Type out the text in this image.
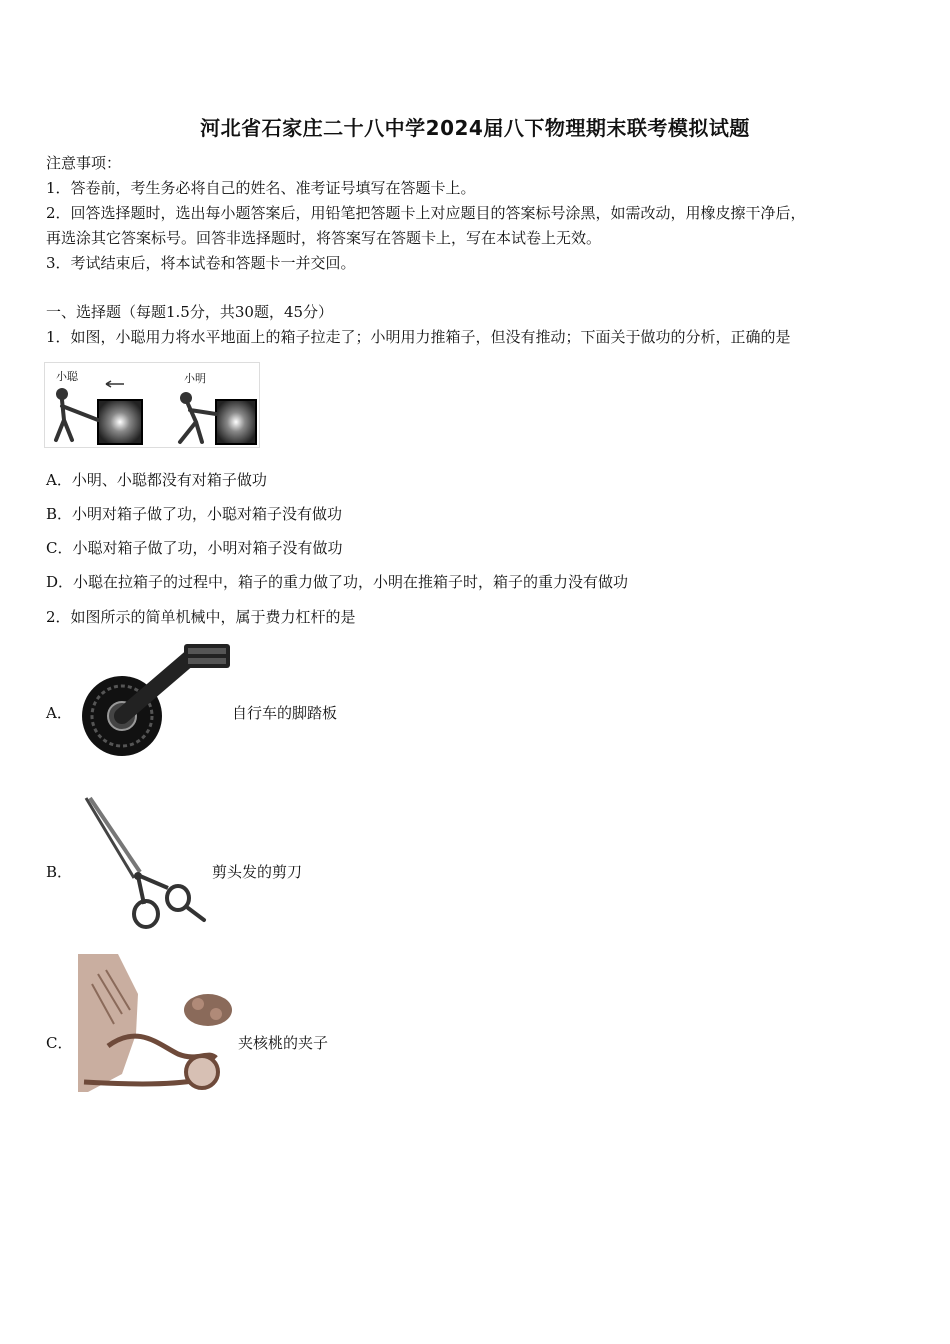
河北省石家庄二十八中学2024届八下物理期末联考模拟试题
注意事项：
1．答卷前，考生务必将自己的姓名、准考证号填写在答题卡上。
2．回答选择题时，选出每小题答案后，用铅笔把答题卡上对应题目的答案标号涂黑，如需改动，用橡皮擦干净后，
再选涂其它答案标号。回答非选择题时，将答案写在答题卡上，写在本试卷上无效。
3．考试结束后，将本试卷和答题卡一并交回。
一、选择题（每题1.5分，共30题，45分）
1．如图，小聪用力将水平地面上的箱子拉走了；小明用力推箱子，但没有推动；下面关于做功的分析，正确的是
小聪	小明
A．小明、小聪都没有对箱子做功
B．小明对箱子做了功，小聪对箱子没有做功
C．小聪对箱子做了功，小明对箱子没有做功
D．小聪在拉箱子的过程中，箱子的重力做了功，小明在推箱子时，箱子的重力没有做功
2．如图所示的简单机械中，属于费力杠杆的是
A．	自行车的脚踏板
B．	剪头发的剪刀
C．	夹核桃的夹子
